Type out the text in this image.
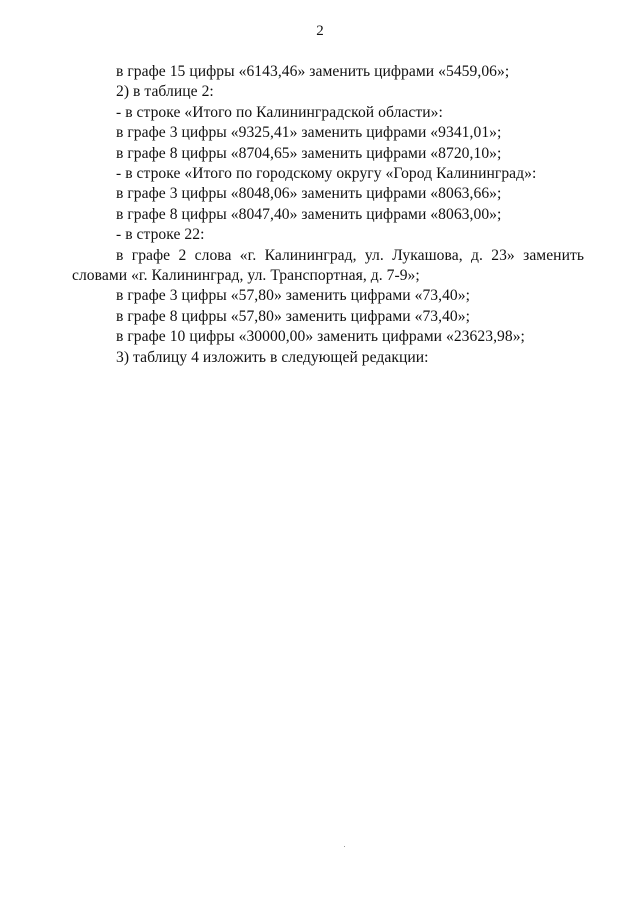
2
в графе 15 цифры «6143,46» заменить цифрами «5459,06»;
2) в таблице 2:
- в строке «Итого по Калининградской области»:
в графе 3 цифры «9325,41» заменить цифрами «9341,01»;
в графе 8 цифры «8704,65» заменить цифрами «8720,10»;
- в строке «Итого по городскому округу «Город Калининград»:
в графе 3 цифры «8048,06» заменить цифрами «8063,66»;
в графе 8 цифры «8047,40» заменить цифрами «8063,00»;
- в строке 22:
в графе 2 слова «г. Калининград, ул. Лукашова, д. 23» заменить
словами «г. Калининград, ул. Транспортная, д. 7-9»;
в графе 3 цифры «57,80» заменить цифрами «73,40»;
в графе 8 цифры «57,80» заменить цифрами «73,40»;
в графе 10 цифры «30000,00» заменить цифрами «23623,98»;
3) таблицу 4 изложить в следующей редакции:
